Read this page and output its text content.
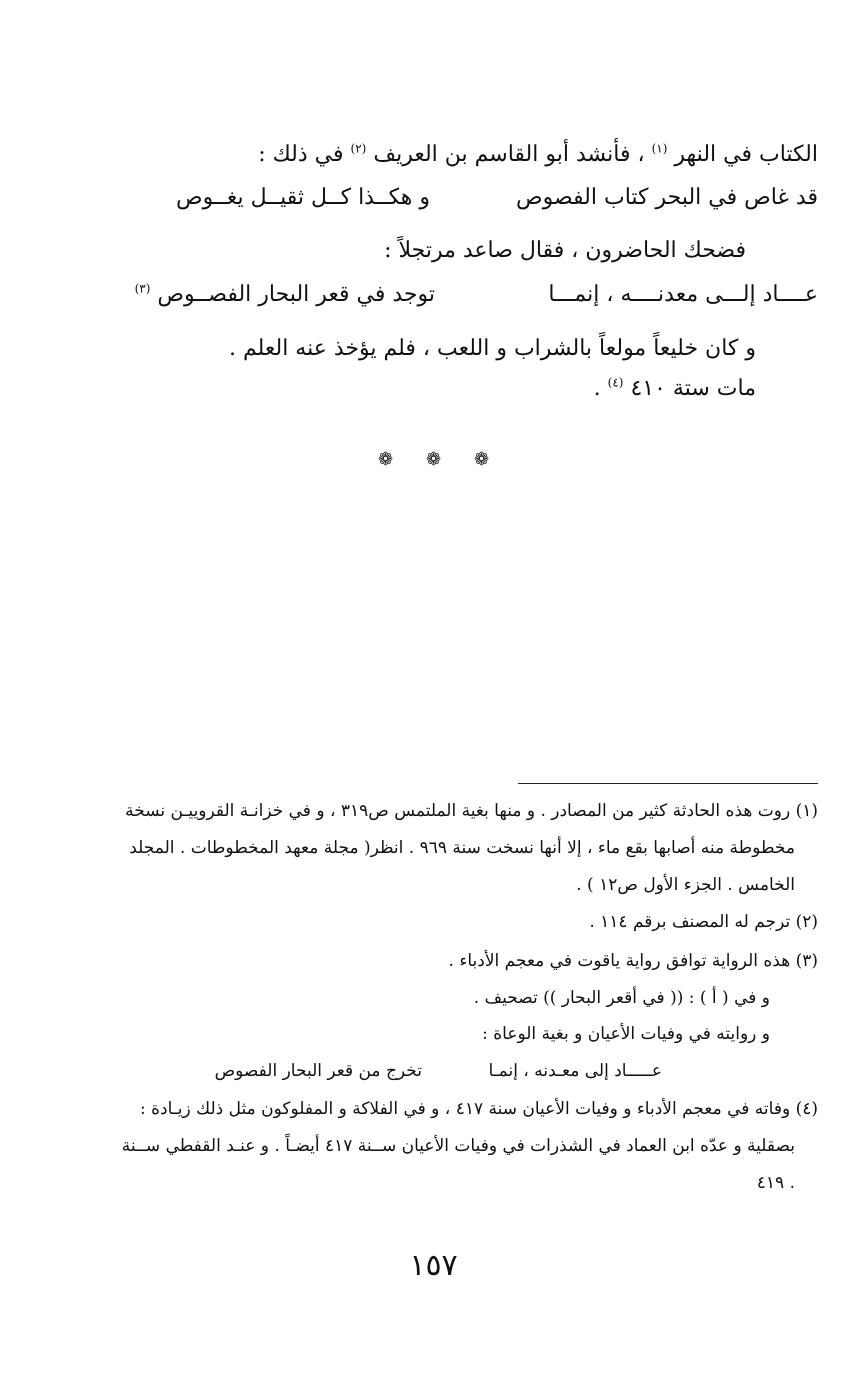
الكتاب في النهر $^{(١)}$ ، فأنشد أبو القاسم بن العريف $^{(٢)}$ في ذلك :
قد غاص في البحر كتاب الفصوص
و هكــذا كــل ثقيــل يغــوص
فضحك الحاضرون ، فقال صاعد مرتجلاً :
عــــاد إلـــى معدنــــه ، إنمـــا
توجد في قعر البحار الفصــوص $^{(٣)}$
و كان خليعاً مولعاً بالشراب و اللعب ، فلم يؤخذ عنه العلم .
مات ستة ٤١٠ $^{(٤)}$ .
❁ ❁ ❁
(١) روت هذه الحادثة كثير من المصادر . و منها بغية الملتمس ص٣١٩ ، و في خزانـة القروييـن نسخة
مخطوطة منه أصابها بقع ماء ، إلا أنها نسخت سنة ٩٦٩ . انظر( مجلة معهد المخطوطات . المجلد
الخامس . الجزء الأول ص١٢ ) .
(٢) ترجم له المصنف برقم ١١٤ .
(٣) هذه الرواية توافق رواية ياقوت في معجم الأدباء .
و في ( أ ) : (( في أقعر البحار )) تصحيف .
و روايته في وفيات الأعيان و بغية الوعاة :
عـــــاد إلى معـدنه ، إنمـا
تخرج من قعر البحار الفصوص
(٤) وفاته في معجم الأدباء و وفيات الأعيان سنة ٤١٧ ، و في الفلاكة و المفلوكون مثل ذلك زيـادة :
بصقلية و عدّه ابن العماد في الشذرات في وفيات الأعيان ســنة ٤١٧ أيضـاً . و عنـد القفطي ســنة
٤١٩ .
١٥٧
